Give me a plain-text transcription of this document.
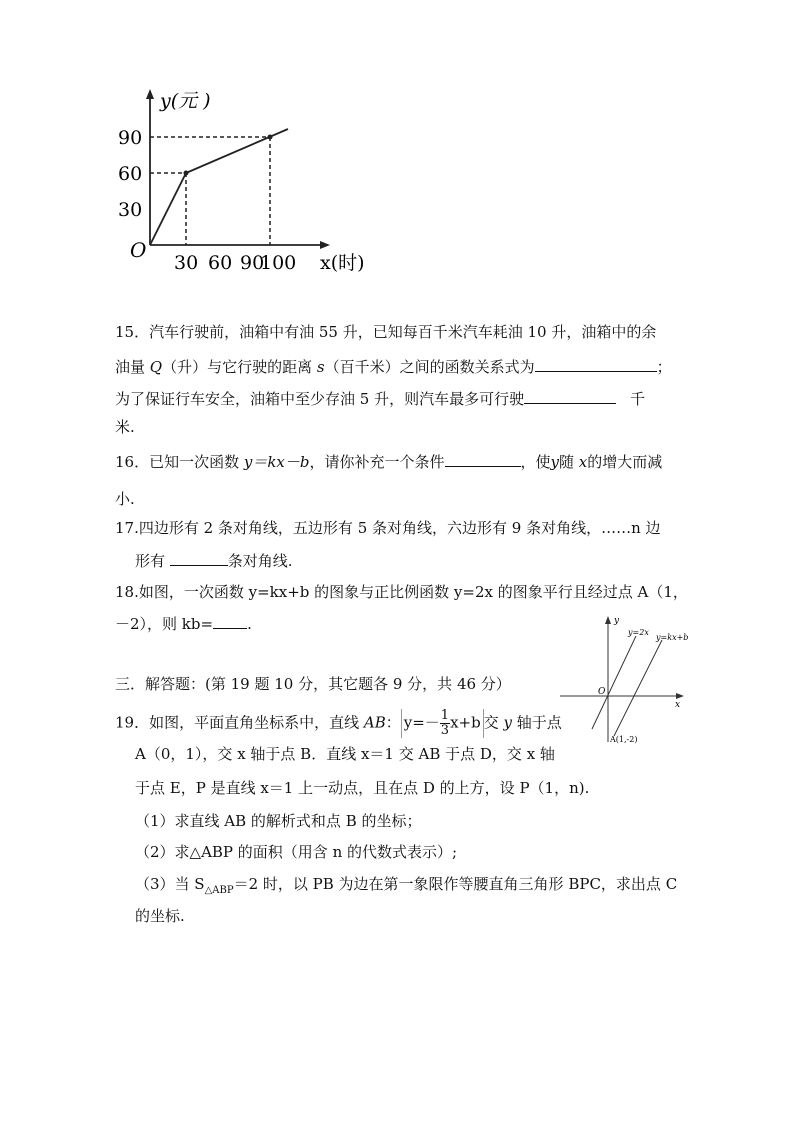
y(元 )
90
60
30
O
30 60 90
100 x(时)
15．汽车行驶前，油箱中有油 55 升，已知每百千米汽车耗油 10 升，油箱中的余
油量 Q（升）与它行驶的距离 s（百千米）之间的函数关系式为	；
为了保证行车安全，油箱中至少存油 5 升，则汽车最多可行驶	千
米.
16．已知一次函数 y＝kx－b，请你补充一个条件	，使y随 x的增大而减
小.
17.四边形有 2 条对角线，五边形有 5 条对角线，六边形有 9 条对角线，……n 边
形有	条对角线.
18.如图，一次函数 y=kx+b 的图象与正比例函数 y=2x 的图象平行且经过点 A（1，
－2），则 kb= .	y=2x
y=kx+b
y
x
O
A(1,-2)
三．解答题：(第 19 题 10 分，其它题各 9 分，共 46 分）
19．如图，平面直角坐标系中，直线 AB： $y=- \frac{1}{3} x+b$ 交 y 轴于点
A（0，1），交 x 轴于点 B．直线 x＝1 交 AB 于点 D，交 x 轴
于点 E，P 是直线 x＝1 上一动点，且在点 D 的上方，设 P（1，n).
（1）求直线 AB 的解析式和点 B 的坐标；
（2）求△ABP 的面积（用含 n 的代数式表示）;
（3）当 $S_{\triangle ABP}=2$ 时，以 PB 为边在第一象限作等腰直角三角形 BPC，求出点 C
的坐标.
